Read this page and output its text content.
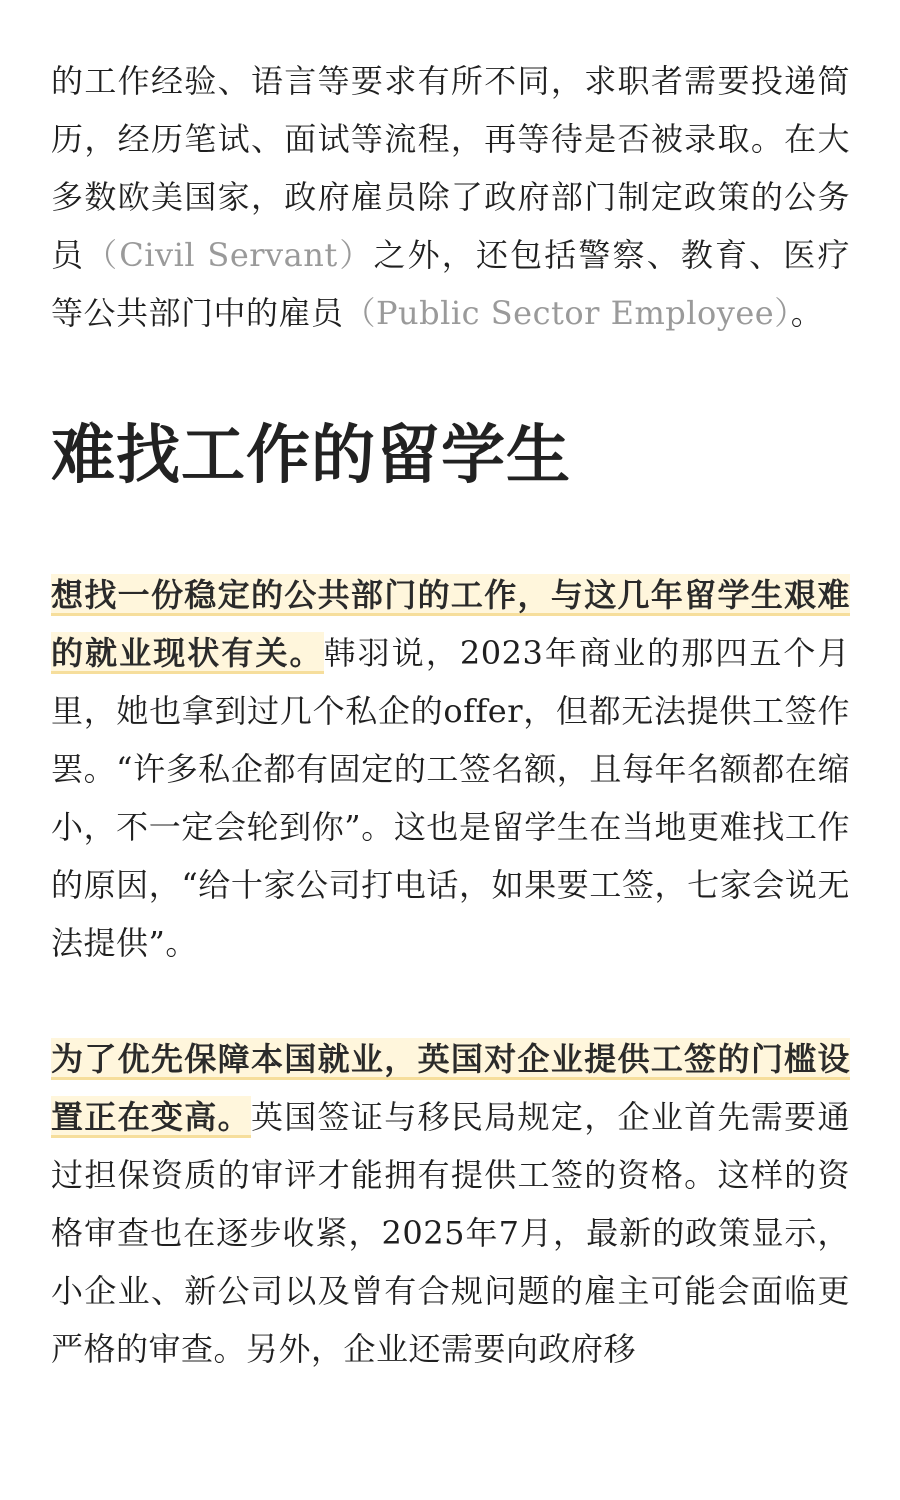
的工作经验、语言等要求有所不同，求职者需要投递简历，经历笔试、面试等流程，再等待是否被录取。在大多数欧美国家，政府雇员除了政府部门制定政策的公务员（Civil Servant）之外，还包括警察、教育、医疗等公共部门中的雇员（Public Sector Employee）。

难找工作的留学生

想找一份稳定的公共部门的工作，与这几年留学生艰难的就业现状有关。韩羽说，2023年商业的那四五个月里，她也拿到过几个私企的offer，但都无法提供工签作罢。“许多私企都有固定的工签名额，且每年名额都在缩小，不一定会轮到你”。这也是留学生在当地更难找工作的原因，“给十家公司打电话，如果要工签，七家会说无法提供”。

为了优先保障本国就业，英国对企业提供工签的门槛设置正在变高。英国签证与移民局规定，企业首先需要通过担保资质的审评才能拥有提供工签的资格。这样的资格审查也在逐步收紧，2025年7月，最新的政策显示，小企业、新公司以及曾有合规问题的雇主可能会面临更严格的审查。另外，企业还需要向政府移
